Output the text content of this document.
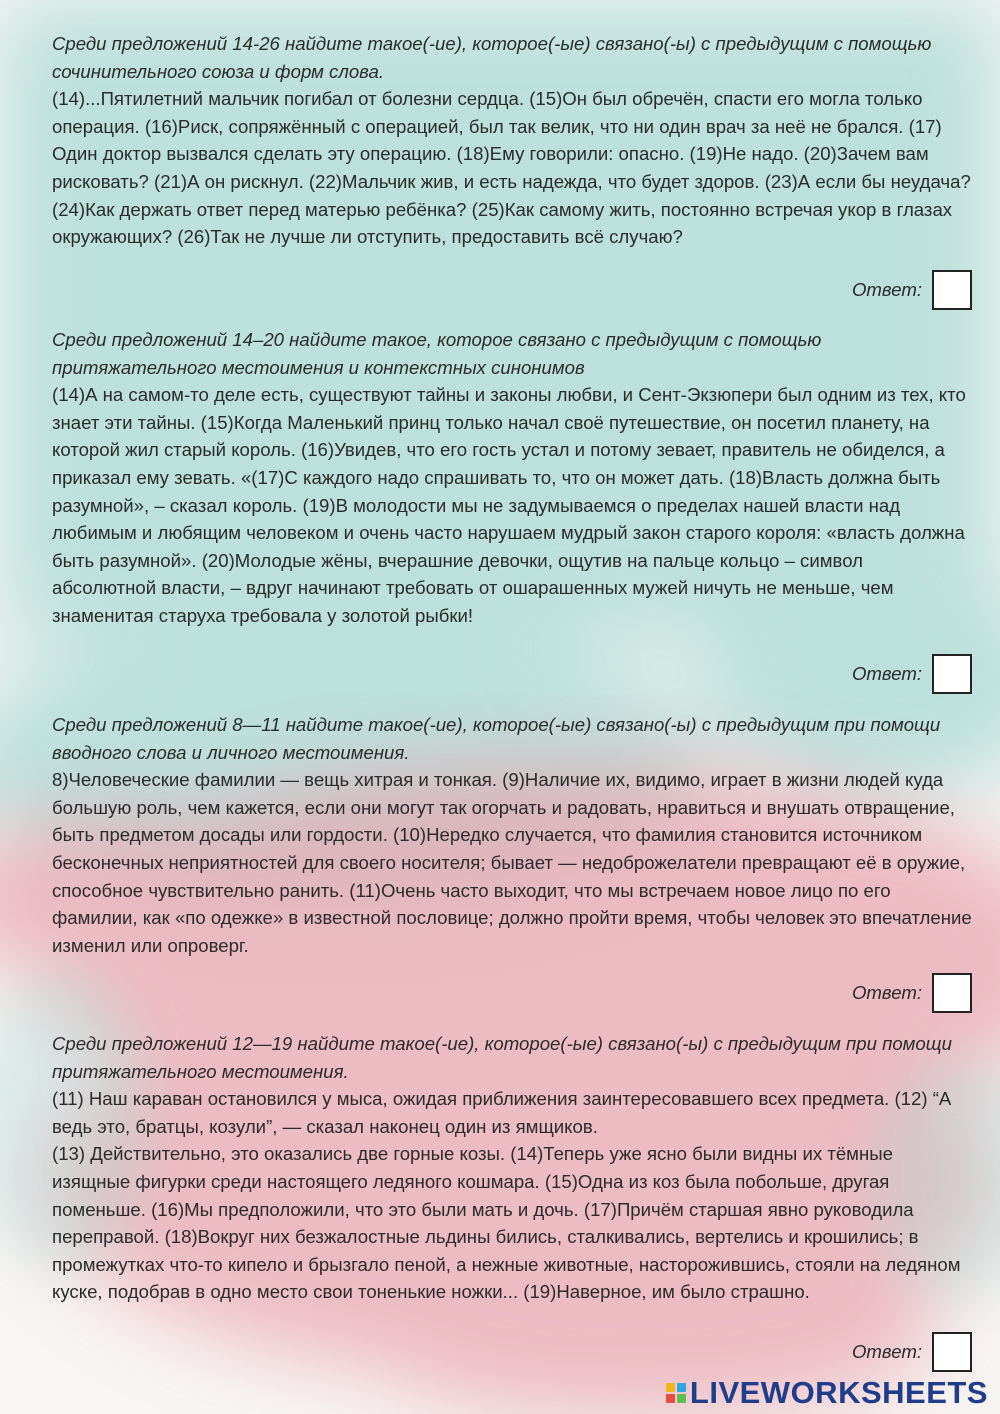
Среди предложений 14-26 найдите такое(-ие), которое(-ые) связано(-ы) с предыдущим с помощью сочинительного союза и форм слова.

(14)...Пятилетний мальчик погибал от болезни сердца. (15)Он был обречён, спасти его могла только операция. (16)Риск, сопряжённый с операцией, был так велик, что ни один врач за неё не брался. (17) Один доктор вызвался сделать эту операцию. (18)Ему говорили: опасно. (19)Не надо. (20)Зачем вам рисковать? (21)А он рискнул. (22)Мальчик жив, и есть надежда, что будет здоров. (23)А если бы неудача? (24)Как держать ответ перед матерью ребёнка? (25)Как самому жить, постоянно встречая укор в глазах окружающих? (26)Так не лучше ли отступить, предоставить всё случаю?

Ответ:

Среди предложений 14–20 найдите такое, которое связано с предыдущим с помощью притяжательного местоимения и контекстных синонимов

(14)А на самом-то деле есть, существуют тайны и законы любви, и Сент-Экзюпери был одним из тех, кто знает эти тайны. (15)Когда Маленький принц только начал своё путешествие, он посетил планету, на которой жил старый король. (16)Увидев, что его гость устал и потому зевает, правитель не обиделся, а приказал ему зевать. «(17)С каждого надо спрашивать то, что он может дать. (18)Власть должна быть разумной», – сказал король. (19)В молодости мы не задумываемся о пределах нашей власти над любимым и любящим человеком и очень часто нарушаем мудрый закон старого короля: «власть должна быть разумной». (20)Молодые жёны, вчерашние девочки, ощутив на пальце кольцо – символ абсолютной власти, – вдруг начинают требовать от ошарашенных мужей ничуть не меньше, чем знаменитая старуха требовала у золотой рыбки!

Ответ:

Среди предложений 8—11 найдите такое(-ие), которое(-ые) связано(-ы) с предыдущим при помощи вводного слова и личного местоимения.

8)Человеческие фамилии — вещь хитрая и тонкая. (9)Наличие их, видимо, играет в жизни людей куда большую роль, чем кажется, если они могут так огорчать и радовать, нравиться и внушать отвращение, быть предметом досады или гордости. (10)Нередко случается, что фамилия становится источником бесконечных неприятностей для своего носителя; бывает — недоброжелатели превращают её в оружие, способное чувствительно ранить. (11)Очень часто выходит, что мы встречаем новое лицо по его фамилии, как «по одежке» в известной пословице; должно пройти время, чтобы человек это впечатление изменил или опроверг.

Ответ:

Среди предложений 12—19 найдите такое(-ие), которое(-ые) связано(-ы) с предыдущим при помощи притяжательного местоимения.

(11) Наш караван остановился у мыса, ожидая приближения заинтересовавшего всех предмета. (12) “А ведь это, братцы, козули”, — сказал наконец один из ямщиков.

(13) Действительно, это оказались две горные козы. (14)Теперь уже ясно были видны их тёмные изящные фигурки среди настоящего ледяного кошмара. (15)Одна из коз была побольше, другая поменьше. (16)Мы предположили, что это были мать и дочь. (17)Причём старшая явно руководила переправой. (18)Вокруг них безжалостные льдины бились, сталкивались, вертелись и крошились; в промежутках что-то кипело и брызгало пеной, а нежные животные, насторожившись, стояли на ледяном куске, подобрав в одно место свои тоненькие ножки... (19)Наверное, им было страшно.

Ответ:
LIVEWORKSHEETS
